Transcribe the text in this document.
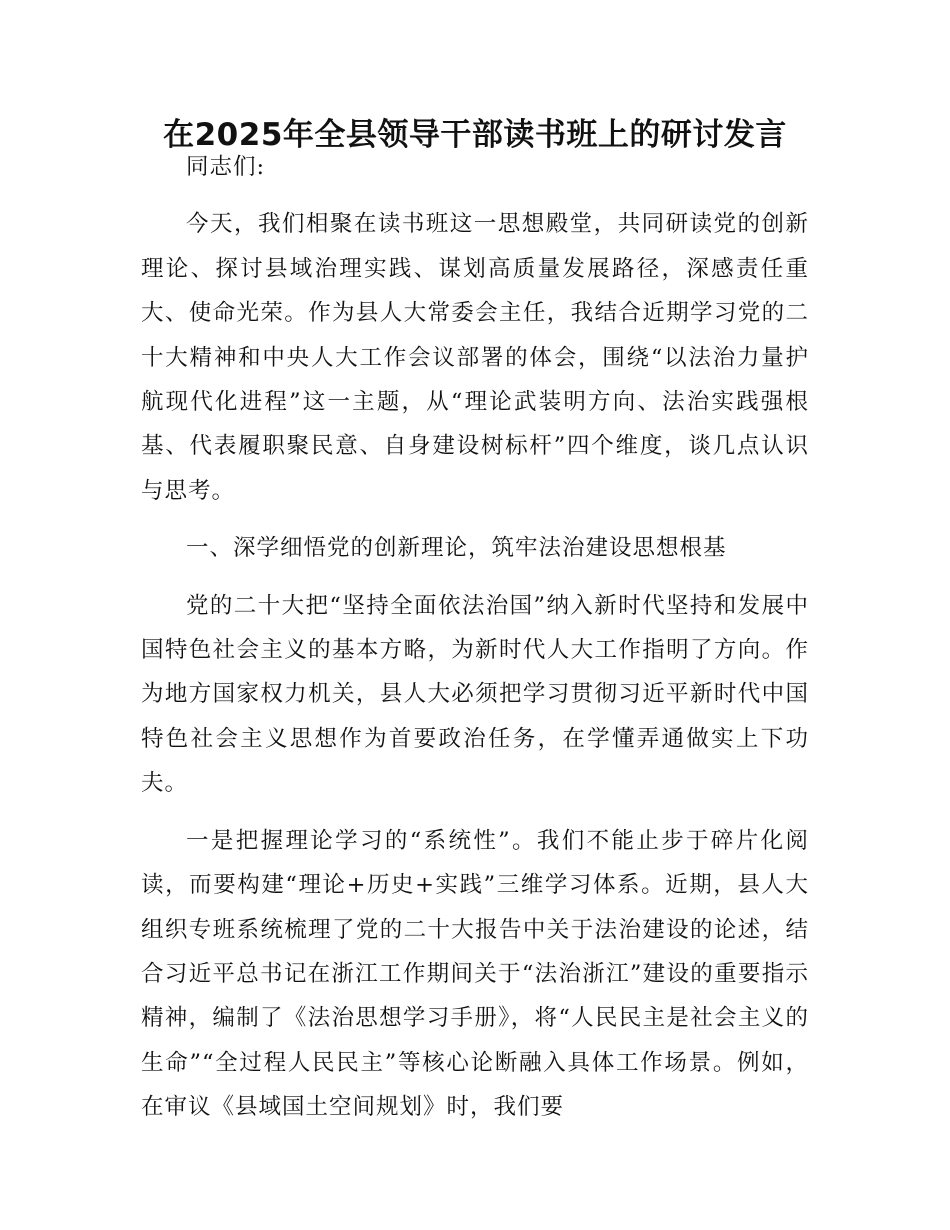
在2025年全县领导干部读书班上的研讨发言

同志们:

今天，我们相聚在读书班这一思想殿堂，共同研读党的创新理论、探讨县域治理实践、谋划高质量发展路径，深感责任重大、使命光荣。作为县人大常委会主任，我结合近期学习党的二十大精神和中央人大工作会议部署的体会，围绕“以法治力量护航现代化进程”这一主题，从“理论武装明方向、法治实践强根基、代表履职聚民意、自身建设树标杆”四个维度，谈几点认识与思考。

一、深学细悟党的创新理论，筑牢法治建设思想根基

党的二十大把“坚持全面依法治国”纳入新时代坚持和发展中国特色社会主义的基本方略，为新时代人大工作指明了方向。作为地方国家权力机关，县人大必须把学习贯彻习近平新时代中国特色社会主义思想作为首要政治任务，在学懂弄通做实上下功夫。

一是把握理论学习的“系统性”。我们不能止步于碎片化阅读，而要构建“理论+历史+实践”三维学习体系。近期，县人大组织专班系统梳理了党的二十大报告中关于法治建设的论述，结合习近平总书记在浙江工作期间关于“法治浙江”建设的重要指示精神，编制了《法治思想学习手册》，将“人民民主是社会主义的生命”“全过程人民民主”等核心论断融入具体工作场景。例如，在审议《县域国土空间规划》时，我们要
